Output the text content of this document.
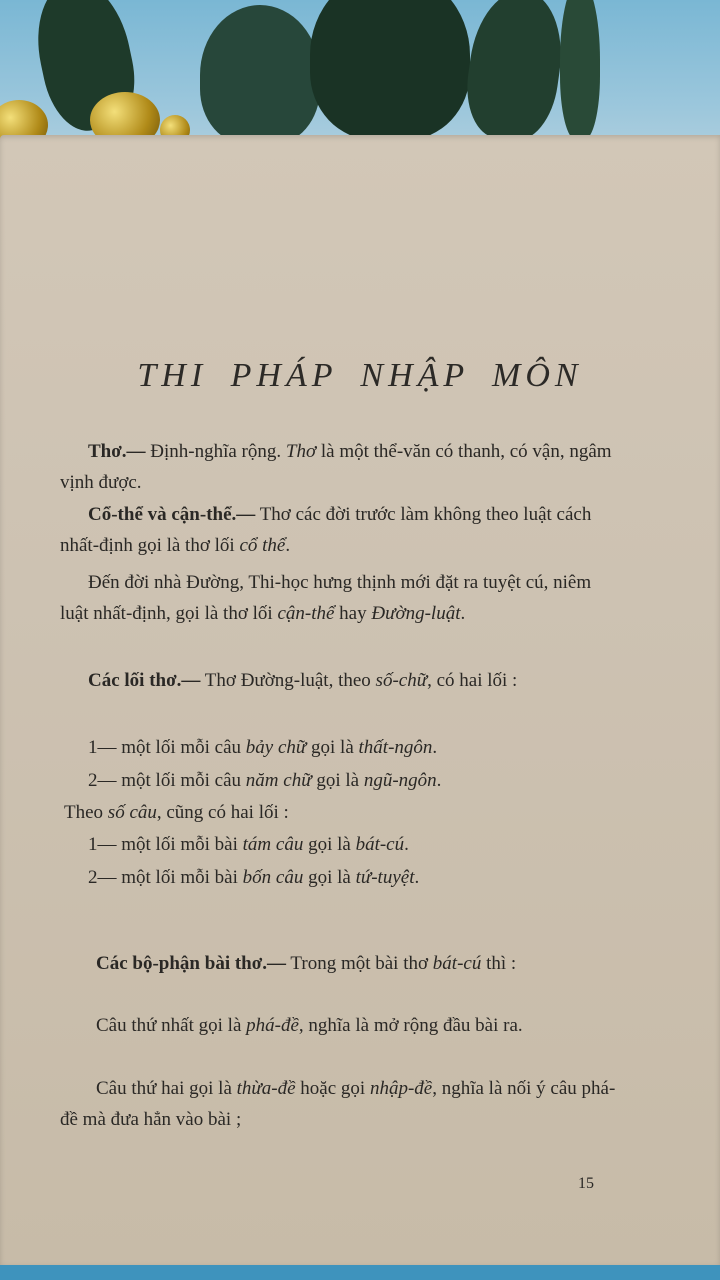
THI PHÁP NHẬP MÔN

Thơ.— Định-nghĩa rộng. Thơ là một thể-văn có thanh, có vận, ngâm vịnh được.

Cổ-thể và cận-thể.— Thơ các đời trước làm không theo luật cách nhất-định gọi là thơ lối cổ thể.

Đến đời nhà Đường, Thi-học hưng thịnh mới đặt ra tuyệt cú, niêm luật nhất-định, gọi là thơ lối cận-thể hay Đường-luật.

Các lối thơ.— Thơ Đường-luật, theo số-chữ, có hai lối :

1— một lối mỗi câu bảy chữ gọi là thất-ngôn.

2— một lối mỗi câu năm chữ gọi là ngũ-ngôn.

Theo số câu, cũng có hai lối :

1— một lối mỗi bài tám câu gọi là bát-cú.

2— một lối mỗi bài bốn câu gọi là tứ-tuyệt.

Các bộ-phận bài thơ.— Trong một bài thơ bát-cú thì :

Câu thứ nhất gọi là phá-đề, nghĩa là mở rộng đầu bài ra.

Câu thứ hai gọi là thừa-đề hoặc gọi nhập-đề, nghĩa là nối ý câu phá-đề mà đưa hẳn vào bài ;

15
